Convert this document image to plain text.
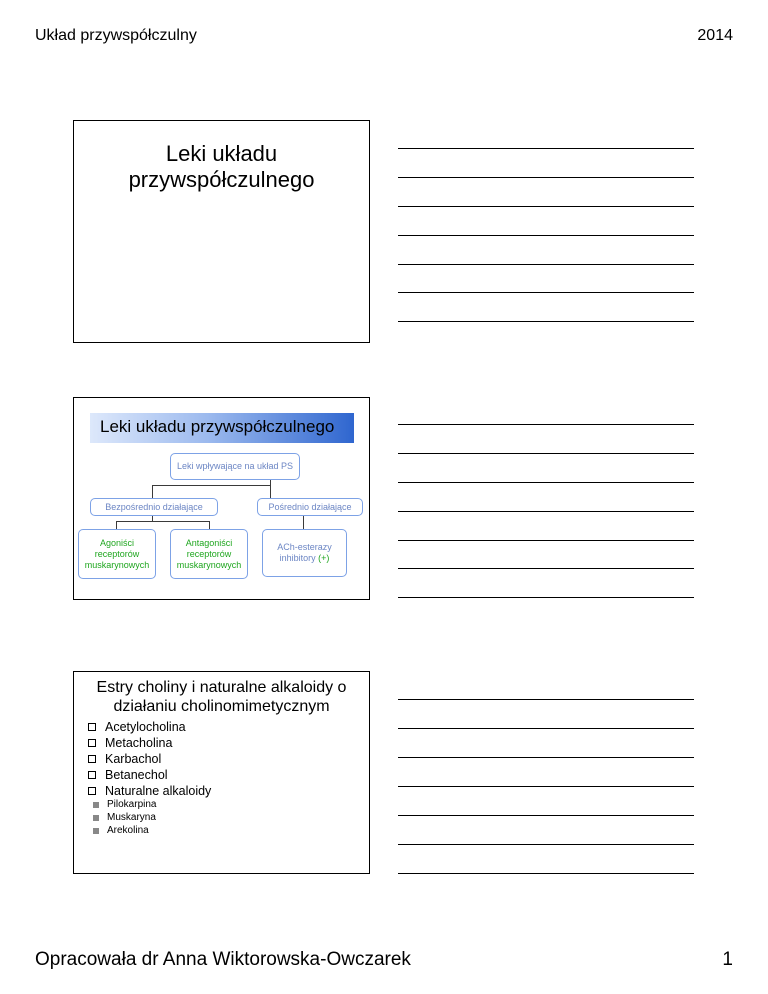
Układ przywspółczulny	2014
Leki układu przywspółczulnego
Leki układu przywspółczulnego
Leki wpływające na układ PS
Bezpośrednio działające	Pośrednio działające
Agoniści receptorów muskarynowych
Antagoniści receptorów muskarynowych
ACh-esterazy inhibitory (+)
Estry choliny i naturalne alkaloidy o działaniu cholinomimetycznym
Acetylocholina
Metacholina
Karbachol
Betanechol
Naturalne alkaloidy
Pilokarpina
Muskaryna
Arekolina
Opracowała dr Anna Wiktorowska-Owczarek	1
